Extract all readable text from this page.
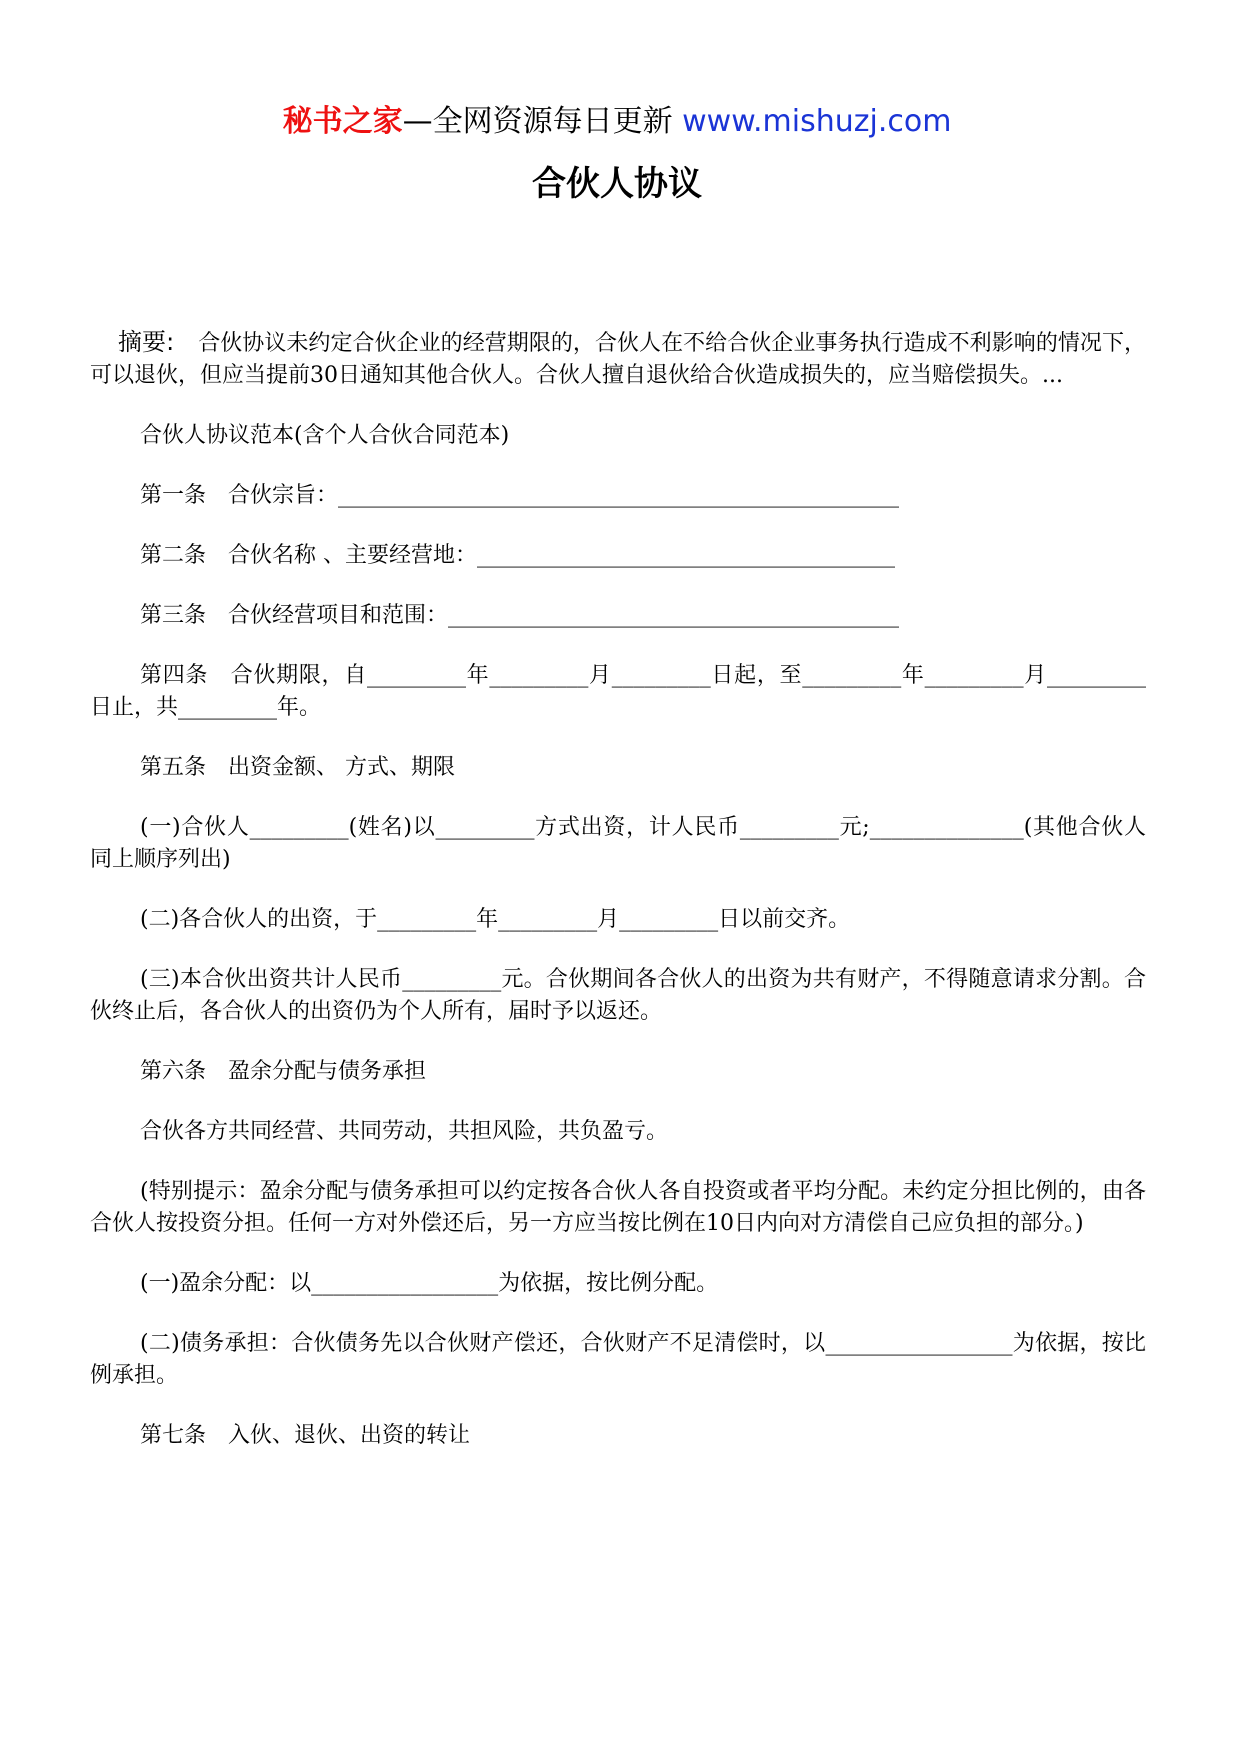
秘书之家—全网资源每日更新 www.mishuzj.com
合伙人协议

摘要: 合伙协议未约定合伙企业的经营期限的，合伙人在不给合伙企业事务执行造成不利影响的情况下，可以退伙，但应当提前30日通知其他合伙人。合伙人擅自退伙给合伙造成损失的，应当赔偿损失。...

合伙人协议范本(含个人合伙合同范本)

第一条　合伙宗旨：___________________________________________________

第二条　合伙名称 、主要经营地：______________________________________

第三条　合伙经营项目和范围：_________________________________________

第四条　合伙期限，自_________年_________月_________日起，至_________年_________月_________日止，共_________年。

第五条　出资金额、 方式、期限

(一)合伙人_________(姓名)以_________方式出资，计人民币_________元;______________(其他合伙人同上顺序列出)

(二)各合伙人的出资，于_________年_________月_________日以前交齐。

(三)本合伙出资共计人民币_________元。合伙期间各合伙人的出资为共有财产，不得随意请求分割。合伙终止后，各合伙人的出资仍为个人所有，届时予以返还。

第六条　盈余分配与债务承担

合伙各方共同经营、共同劳动，共担风险，共负盈亏。

(特别提示：盈余分配与债务承担可以约定按各合伙人各自投资或者平均分配。未约定分担比例的，由各合伙人按投资分担。任何一方对外偿还后，另一方应当按比例在10日内向对方清偿自己应负担的部分。)

(一)盈余分配：以_________________为依据，按比例分配。

(二)债务承担：合伙债务先以合伙财产偿还，合伙财产不足清偿时，以_________________为依据，按比例承担。

第七条　入伙、退伙、出资的转让
